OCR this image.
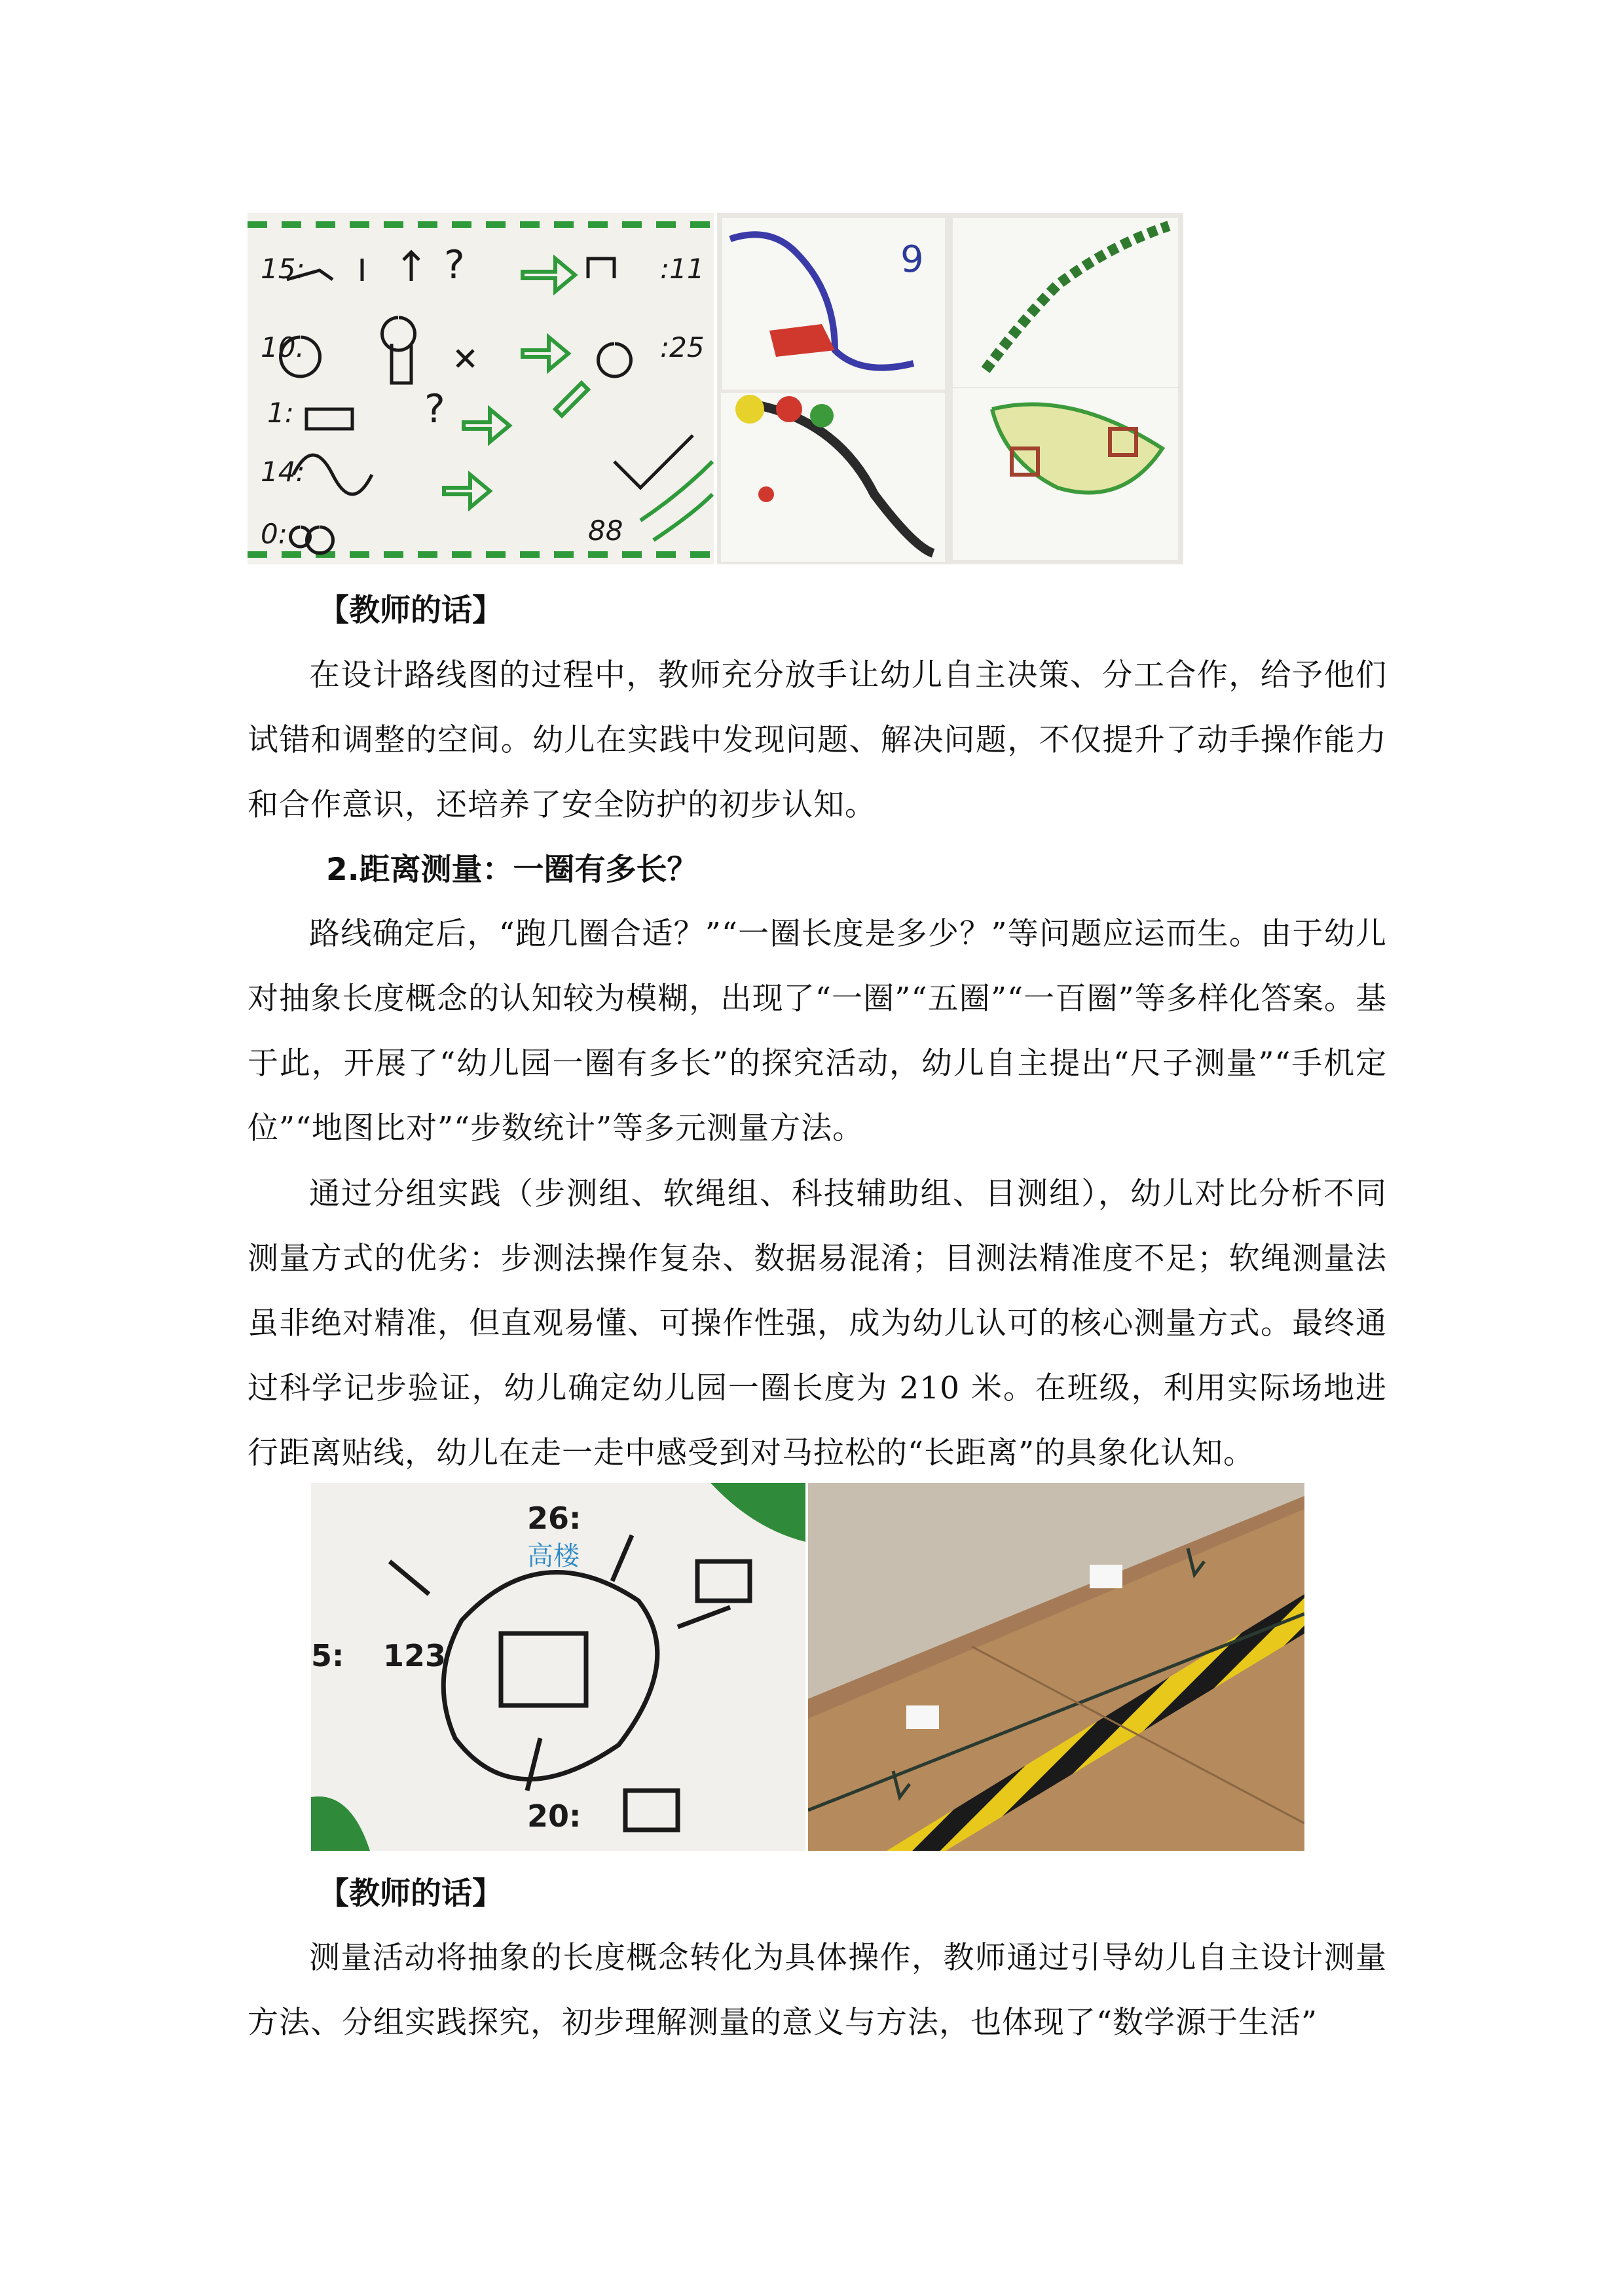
15:
10.
1:
14:
0:
:11
:25
88
?
?
9

【教师的话】

在设计路线图的过程中，教师充分放手让幼儿自主决策、分工合作，给予他们试错和调整的空间。幼儿在实践中发现问题、解决问题，不仅提升了动手操作能力和合作意识，还培养了安全防护的初步认知。

2.距离测量：一圈有多长？

路线确定后，“跑几圈合适？”“一圈长度是多少？”等问题应运而生。由于幼儿对抽象长度概念的认知较为模糊，出现了“一圈”“五圈”“一百圈”等多样化答案。基于此，开展了“幼儿园一圈有多长”的探究活动，幼儿自主提出“尺子测量”“手机定位”“地图比对”“步数统计”等多元测量方法。

通过分组实践（步测组、软绳组、科技辅助组、目测组），幼儿对比分析不同测量方式的优劣：步测法操作复杂、数据易混淆；目测法精准度不足；软绳测量法虽非绝对精准，但直观易懂、可操作性强，成为幼儿认可的核心测量方式。最终通过科学记步验证，幼儿确定幼儿园一圈长度为 210 米。在班级，利用实际场地进行距离贴线，幼儿在走一走中感受到对马拉松的“长距离”的具象化认知。

5: 123
20:
26:
高楼

【教师的话】

测量活动将抽象的长度概念转化为具体操作，教师通过引导幼儿自主设计测量方法、分组实践探究，初步理解测量的意义与方法，也体现了“数学源于生活”
